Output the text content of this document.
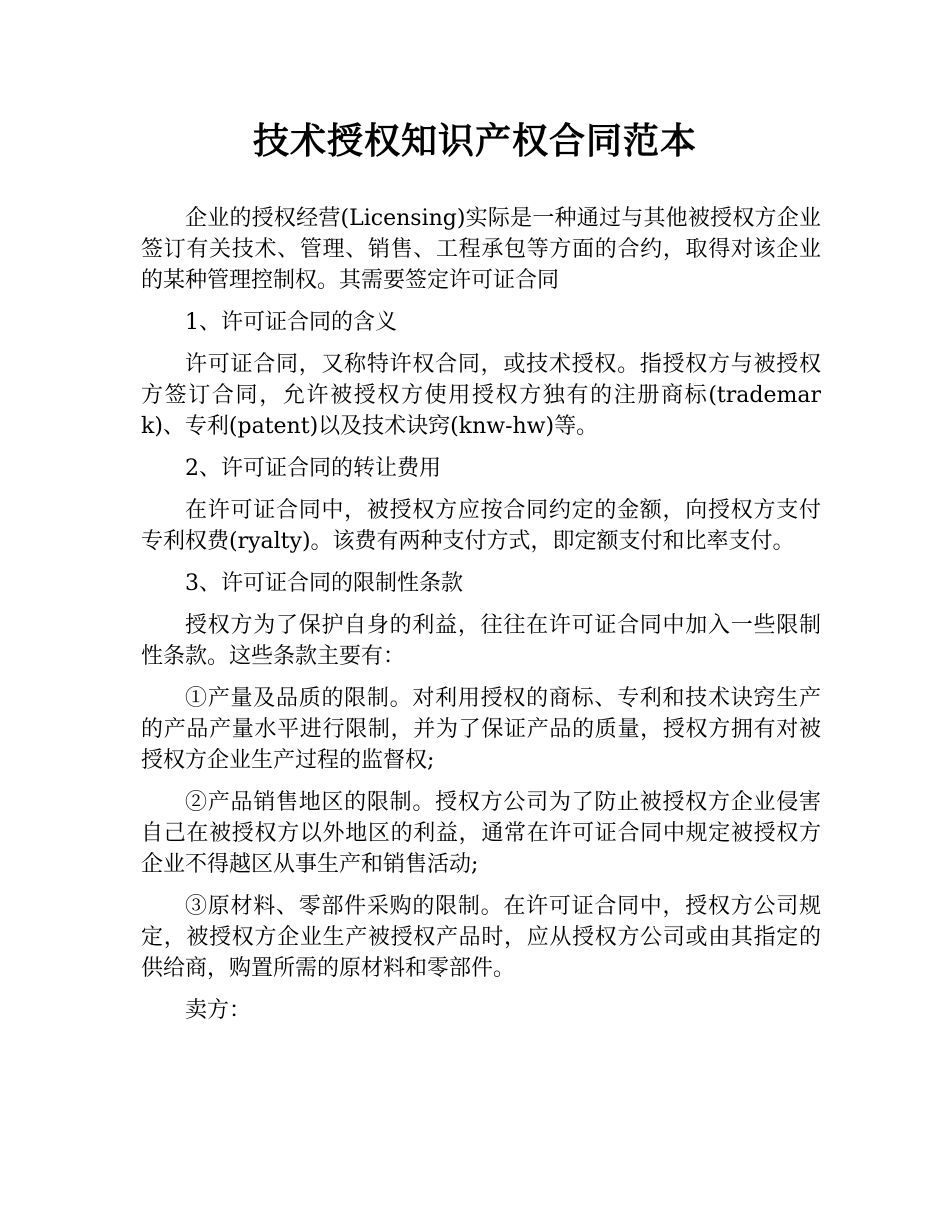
技术授权知识产权合同范本

企业的授权经营(Licensing)实际是一种通过与其他被授权方企业签订有关技术、管理、销售、工程承包等方面的合约，取得对该企业的某种管理控制权。其需要签定许可证合同

1、许可证合同的含义

许可证合同，又称特许权合同，或技术授权。指授权方与被授权方签订合同，允许被授权方使用授权方独有的注册商标(trademark)、专利(patent)以及技术诀窍(knw-hw)等。

2、许可证合同的转让费用

在许可证合同中，被授权方应按合同约定的金额，向授权方支付专利权费(ryalty)。该费有两种支付方式，即定额支付和比率支付。

3、许可证合同的限制性条款

授权方为了保护自身的利益，往往在许可证合同中加入一些限制性条款。这些条款主要有：

①产量及品质的限制。对利用授权的商标、专利和技术诀窍生产的产品产量水平进行限制，并为了保证产品的质量，授权方拥有对被授权方企业生产过程的监督权;

②产品销售地区的限制。授权方公司为了防止被授权方企业侵害自己在被授权方以外地区的利益，通常在许可证合同中规定被授权方企业不得越区从事生产和销售活动;

③原材料、零部件采购的限制。在许可证合同中，授权方公司规定，被授权方企业生产被授权产品时，应从授权方公司或由其指定的供给商，购置所需的原材料和零部件。

卖方：
